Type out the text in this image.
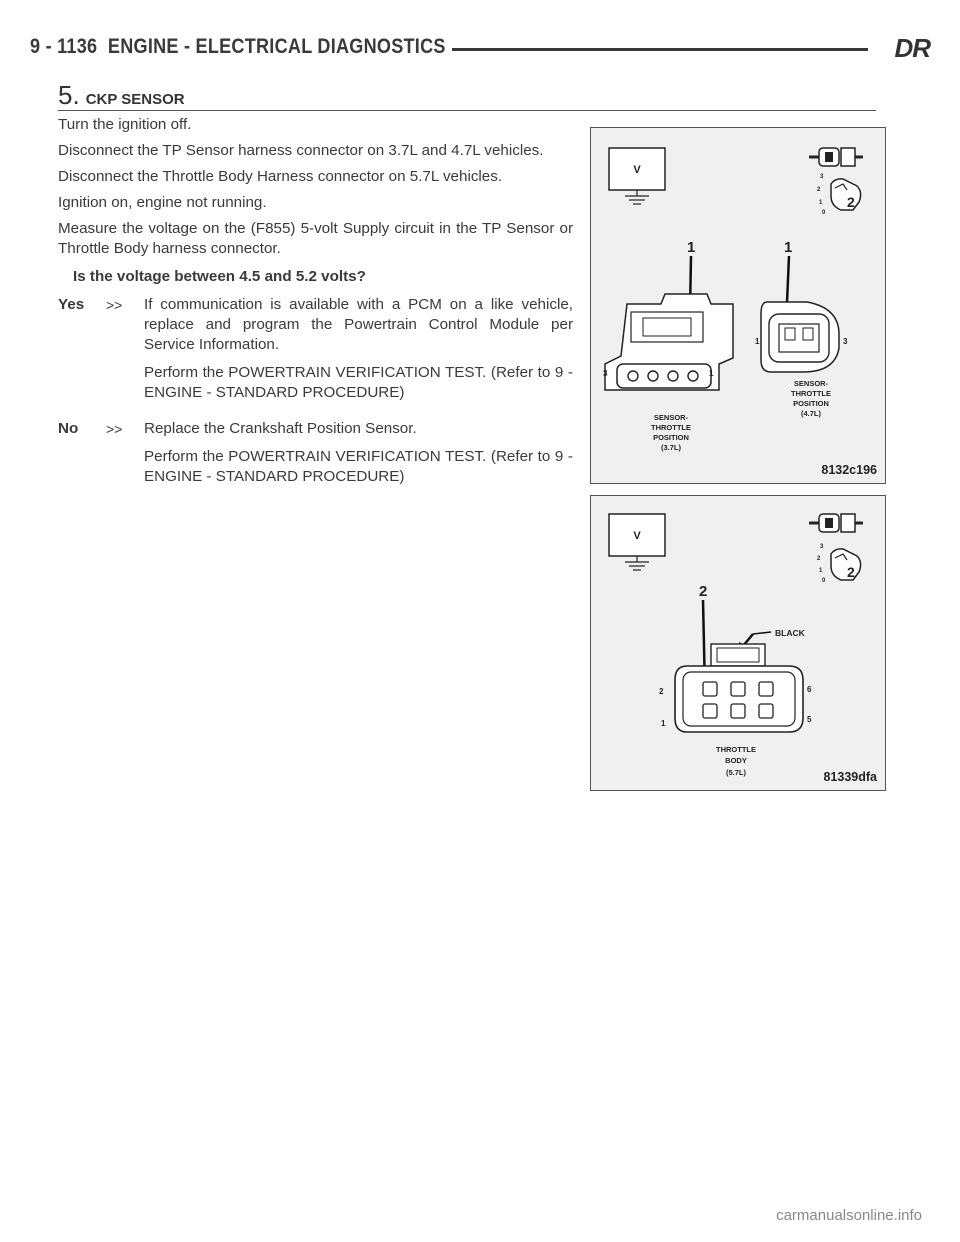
9 - 1136 ENGINE - ELECTRICAL DIAGNOSTICS	DR
5. CKP SENSOR

Turn the ignition off.

Disconnect the TP Sensor harness connector on 3.7L and 4.7L vehicles.

Disconnect the Throttle Body Harness connector on 5.7L vehicles.

Ignition on, engine not running.

Measure the voltage on the (F855) 5-volt Supply circuit in the TP Sensor or Throttle Body harness connector.

Is the voltage between 4.5 and 5.2 volts?

Yes	>>	If communication is available with a PCM on a like vehicle, replace and program the Powertrain Control Module per Service Information.

Perform the POWERTRAIN VERIFICATION TEST. (Refer to 9 - ENGINE - STANDARD PROCEDURE)

No	>>	Replace the Crankshaft Position Sensor.

Perform the POWERTRAIN VERIFICATION TEST. (Refer to 9 - ENGINE - STANDARD PROCEDURE)

V
3
2
1
0
2
1	1
3	1
1	3
SENSOR-
THROTTLE
POSITION
(3.7L)
SENSOR-
THROTTLE
POSITION
(4.7L)
8132c196
V
3
2
1
0
2
2
BLACK
2
1
6
5
THROTTLE
BODY
(5.7L)	81339dfa
carmanualsonline.info
